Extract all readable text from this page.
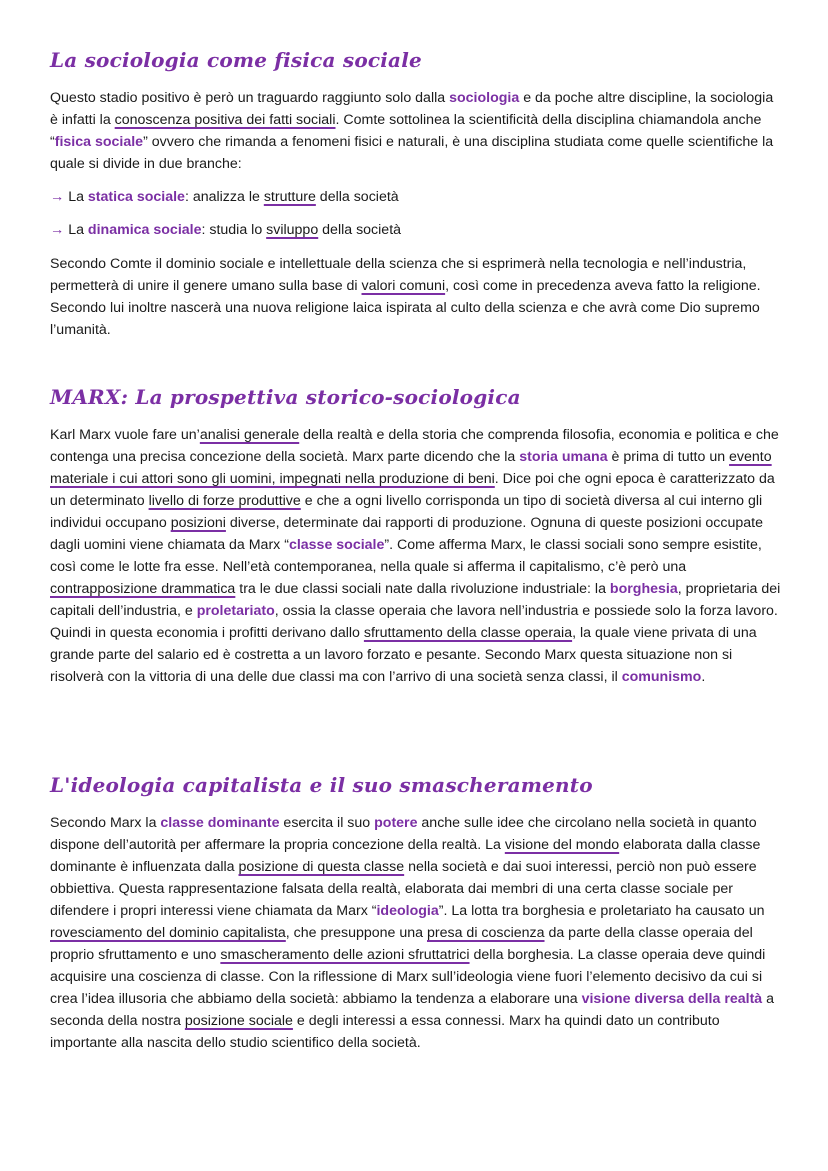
La sociologia come fisica sociale

Questo stadio positivo è però un traguardo raggiunto solo dalla sociologia e da poche altre discipline, la sociologia è infatti la conoscenza positiva dei fatti sociali. Comte sottolinea la scientificità della disciplina chiamandola anche “fisica sociale” ovvero che rimanda a fenomeni fisici e naturali, è una disciplina studiata come quelle scientifiche la quale si divide in due branche:

→ La statica sociale: analizza le strutture della società

→ La dinamica sociale: studia lo sviluppo della società

Secondo Comte il dominio sociale e intellettuale della scienza che si esprimerà nella tecnologia e nell’industria, permetterà di unire il genere umano sulla base di valori comuni, così come in precedenza aveva fatto la religione. Secondo lui inoltre nascerà una nuova religione laica ispirata al culto della scienza e che avrà come Dio supremo l’umanità.

MARX: La prospettiva storico-sociologica

Karl Marx vuole fare un’analisi generale della realtà e della storia che comprenda filosofia, economia e politica e che contenga una precisa concezione della società. Marx parte dicendo che la storia umana è prima di tutto un evento materiale i cui attori sono gli uomini, impegnati nella produzione di beni. Dice poi che ogni epoca è caratterizzato da un determinato livello di forze produttive e che a ogni livello corrisponda un tipo di società diversa al cui interno gli individui occupano posizioni diverse, determinate dai rapporti di produzione. Ognuna di queste posizioni occupate dagli uomini viene chiamata da Marx “classe sociale”. Come afferma Marx, le classi sociali sono sempre esistite, così come le lotte fra esse. Nell’età contemporanea, nella quale si afferma il capitalismo, c’è però una contrapposizione drammatica tra le due classi sociali nate dalla rivoluzione industriale: la borghesia, proprietaria dei capitali dell’industria, e proletariato, ossia la classe operaia che lavora nell’industria e possiede solo la forza lavoro. Quindi in questa economia i profitti derivano dallo sfruttamento della classe operaia, la quale viene privata di una grande parte del salario ed è costretta a un lavoro forzato e pesante. Secondo Marx questa situazione non si risolverà con la vittoria di una delle due classi ma con l’arrivo di una società senza classi, il comunismo.

L'ideologia capitalista e il suo smascheramento

Secondo Marx la classe dominante esercita il suo potere anche sulle idee che circolano nella società in quanto dispone dell’autorità per affermare la propria concezione della realtà. La visione del mondo elaborata dalla classe dominante è influenzata dalla posizione di questa classe nella società e dai suoi interessi, perciò non può essere obbiettiva. Questa rappresentazione falsata della realtà, elaborata dai membri di una certa classe sociale per difendere i propri interessi viene chiamata da Marx “ideologia”. La lotta tra borghesia e proletariato ha causato un rovesciamento del dominio capitalista, che presuppone una presa di coscienza da parte della classe operaia del proprio sfruttamento e uno smascheramento delle azioni sfruttatrici della borghesia. La classe operaia deve quindi acquisire una coscienza di classe. Con la riflessione di Marx sull’ideologia viene fuori l’elemento decisivo da cui si crea l’idea illusoria che abbiamo della società: abbiamo la tendenza a elaborare una visione diversa della realtà a seconda della nostra posizione sociale e degli interessi a essa connessi. Marx ha quindi dato un contributo importante alla nascita dello studio scientifico della società.
